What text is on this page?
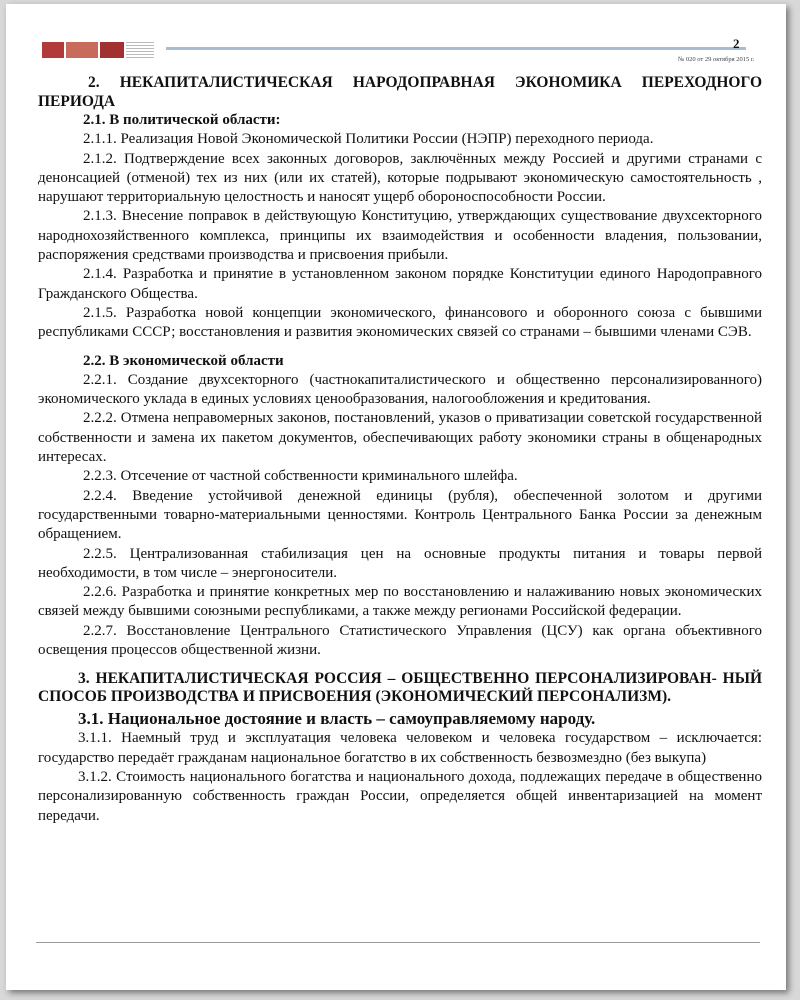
2
№ 020 от 29 октября 2015 г.

2. НЕКАПИТАЛИСТИЧЕСКАЯ НАРОДОПРАВНАЯ ЭКОНОМИКА ПЕРЕХОДНОГО ПЕРИОДА

2.1. В политической области:

2.1.1. Реализация Новой Экономической Политики России (НЭПР) переходного периода.

2.1.2. Подтверждение всех законных договоров, заключённых между Россией и другими странами с денонсацией (отменой) тех из них (или их статей), которые подрывают экономическую самостоятельность , нарушают территориальную целостность и наносят ущерб обороноспособности России.

2.1.3. Внесение поправок в действующую Конституцию, утверждающих существование двухсекторного народнохозяйственного комплекса, принципы их взаимодействия и особенности владения, пользовании, распоряжения средствами производства и присвоения прибыли.

2.1.4. Разработка и принятие в установленном законом порядке Конституции единого Народоправного Гражданского Общества.

2.1.5. Разработка новой концепции экономического, финансового и оборонного союза с бывшими республиками СССР; восстановления и развития экономических связей со странами – бывшими членами СЭВ.

2.2. В экономической области

2.2.1. Создание двухсекторного (частнокапиталистического и общественно персонализированного) экономического уклада в единых условиях ценообразования, налогообложения и кредитования.

2.2.2. Отмена неправомерных законов, постановлений, указов о приватизации советской государственной собственности и замена их пакетом документов, обеспечивающих работу экономики страны в общенародных интересах.

2.2.3. Отсечение от частной собственности криминального шлейфа.

2.2.4. Введение устойчивой денежной единицы (рубля), обеспеченной золотом и другими государственными товарно-материальными ценностями. Контроль Центрального Банка России за денежным обращением.

2.2.5. Централизованная стабилизация цен на основные продукты питания и товары первой необходимости, в том числе – энергоносители.

2.2.6. Разработка и принятие конкретных мер по восстановлению и налаживанию новых экономических связей между бывшими союзными республиками, а также между регионами Российской федерации.

2.2.7. Восстановление Центрального Статистического Управления (ЦСУ) как органа объективного освещения процессов общественной жизни.

3. НЕКАПИТАЛИСТИЧЕСКАЯ РОССИЯ – ОБЩЕСТВЕННО ПЕРСОНАЛИЗИРОВАН- НЫЙ СПОСОБ ПРОИЗВОДСТВА И ПРИСВОЕНИЯ (ЭКОНОМИЧЕСКИЙ ПЕРСОНАЛИЗМ).

3.1. Национальное достояние и власть – самоуправляемому народу.

3.1.1. Наемный труд и эксплуатация человека человеком и человека государством – исключается: государство передаёт гражданам национальное богатство в их собственность безвозмездно (без выкупа)

3.1.2. Стоимость национального богатства и национального дохода, подлежащих передаче в общественно персонализированную собственность граждан России, определяется общей инвентаризацией на момент передачи.
